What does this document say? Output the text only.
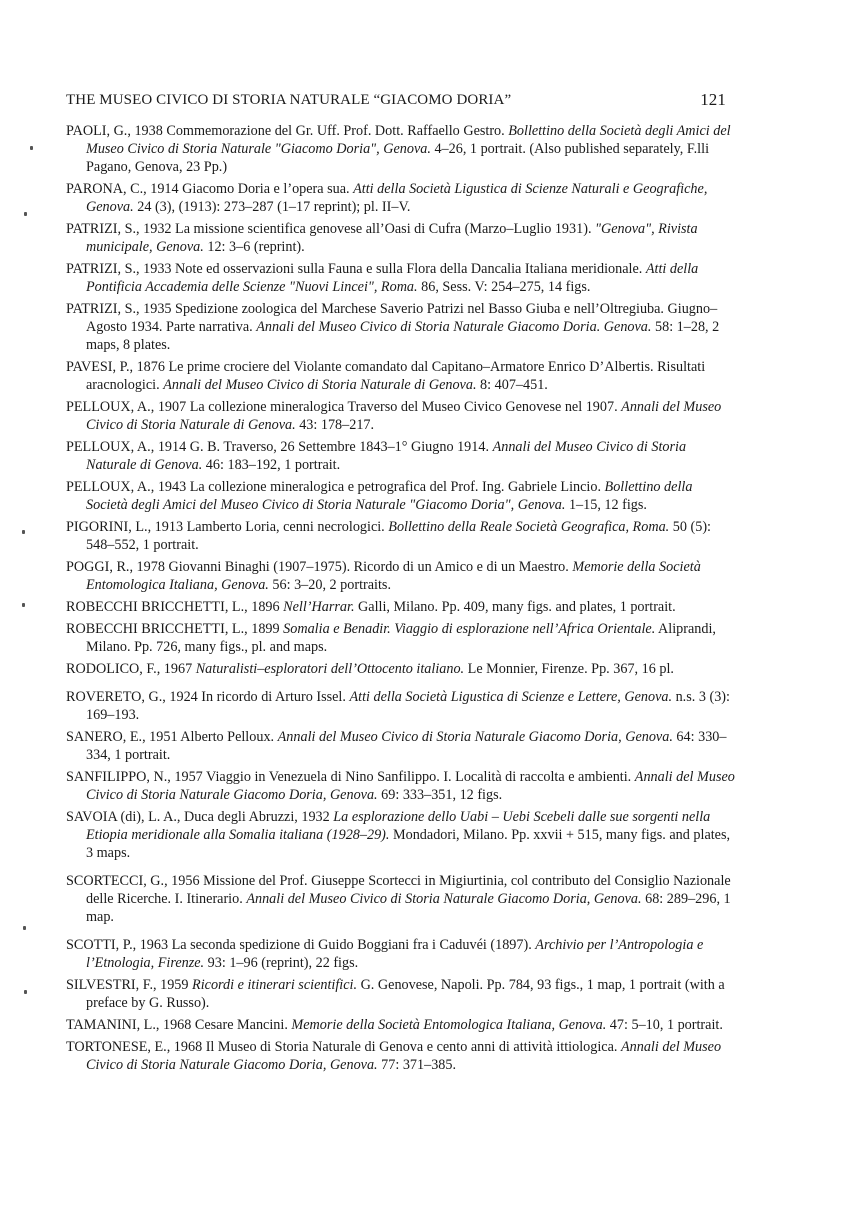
THE MUSEO CIVICO DI STORIA NATURALE “GIACOMO DORIA”	121
PAOLI, G., 1938 Commemorazione del Gr. Uff. Prof. Dott. Raffaello Gestro. Bollettino della Società degli Amici del Museo Civico di Storia Naturale "Giacomo Doria", Genova. 4–26, 1 portrait. (Also published separately, F.lli Pagano, Genova, 23 Pp.)
PARONA, C., 1914 Giacomo Doria e l’opera sua. Atti della Società Ligustica di Scienze Naturali e Geografiche, Genova. 24 (3), (1913): 273–287 (1–17 reprint); pl. II–V.
PATRIZI, S., 1932 La missione scientifica genovese all’Oasi di Cufra (Marzo–Luglio 1931). "Genova", Rivista municipale, Genova. 12: 3–6 (reprint).
PATRIZI, S., 1933 Note ed osservazioni sulla Fauna e sulla Flora della Dancalia Italiana meridionale. Atti della Pontificia Accademia delle Scienze "Nuovi Lincei", Roma. 86, Sess. V: 254–275, 14 figs.
PATRIZI, S., 1935 Spedizione zoologica del Marchese Saverio Patrizi nel Basso Giuba e nell’Oltregiuba. Giugno–Agosto 1934. Parte narrativa. Annali del Museo Civico di Storia Naturale Giacomo Doria. Genova. 58: 1–28, 2 maps, 8 plates.
PAVESI, P., 1876 Le prime crociere del Violante comandato dal Capitano–Armatore Enrico D’Albertis. Risultati aracnologici. Annali del Museo Civico di Storia Naturale di Genova. 8: 407–451.
PELLOUX, A., 1907 La collezione mineralogica Traverso del Museo Civico Genovese nel 1907. Annali del Museo Civico di Storia Naturale di Genova. 43: 178–217.
PELLOUX, A., 1914 G. B. Traverso, 26 Settembre 1843–1° Giugno 1914. Annali del Museo Civico di Storia Naturale di Genova. 46: 183–192, 1 portrait.
PELLOUX, A., 1943 La collezione mineralogica e petrografica del Prof. Ing. Gabriele Lincio. Bollettino della Società degli Amici del Museo Civico di Storia Naturale "Giacomo Doria", Genova. 1–15, 12 figs.
PIGORINI, L., 1913 Lamberto Loria, cenni necrologici. Bollettino della Reale Società Geografica, Roma. 50 (5): 548–552, 1 portrait.
POGGI, R., 1978 Giovanni Binaghi (1907–1975). Ricordo di un Amico e di un Maestro. Memorie della Società Entomologica Italiana, Genova. 56: 3–20, 2 portraits.
ROBECCHI BRICCHETTI, L., 1896 Nell’Harrar. Galli, Milano. Pp. 409, many figs. and plates, 1 portrait.
ROBECCHI BRICCHETTI, L., 1899 Somalia e Benadir. Viaggio di esplorazione nell’Africa Orientale. Aliprandi, Milano. Pp. 726, many figs., pl. and maps.
RODOLICO, F., 1967 Naturalisti–esploratori dell’Ottocento italiano. Le Monnier, Firenze. Pp. 367, 16 pl.
ROVERETO, G., 1924 In ricordo di Arturo Issel. Atti della Società Ligustica di Scienze e Lettere, Genova. n.s. 3 (3): 169–193.
SANERO, E., 1951 Alberto Pelloux. Annali del Museo Civico di Storia Naturale Giacomo Doria, Genova. 64: 330–334, 1 portrait.
SANFILIPPO, N., 1957 Viaggio in Venezuela di Nino Sanfilippo. I. Località di raccolta e ambienti. Annali del Museo Civico di Storia Naturale Giacomo Doria, Genova. 69: 333–351, 12 figs.
SAVOIA (di), L. A., Duca degli Abruzzi, 1932 La esplorazione dello Uabi – Uebi Scebeli dalle sue sorgenti nella Etiopia meridionale alla Somalia italiana (1928–29). Mondadori, Milano. Pp. xxvii + 515, many figs. and plates, 3 maps.
SCORTECCI, G., 1956 Missione del Prof. Giuseppe Scortecci in Migiurtinia, col contributo del Consiglio Nazionale delle Ricerche. I. Itinerario. Annali del Museo Civico di Storia Naturale Giacomo Doria, Genova. 68: 289–296, 1 map.
SCOTTI, P., 1963 La seconda spedizione di Guido Boggiani fra i Caduvéi (1897). Archivio per l’Antropologia e l’Etnologia, Firenze. 93: 1–96 (reprint), 22 figs.
SILVESTRI, F., 1959 Ricordi e itinerari scientifici. G. Genovese, Napoli. Pp. 784, 93 figs., 1 map, 1 portrait (with a preface by G. Russo).
TAMANINI, L., 1968 Cesare Mancini. Memorie della Società Entomologica Italiana, Genova. 47: 5–10, 1 portrait.
TORTONESE, E., 1968 Il Museo di Storia Naturale di Genova e cento anni di attività ittiologica. Annali del Museo Civico di Storia Naturale Giacomo Doria, Genova. 77: 371–385.
